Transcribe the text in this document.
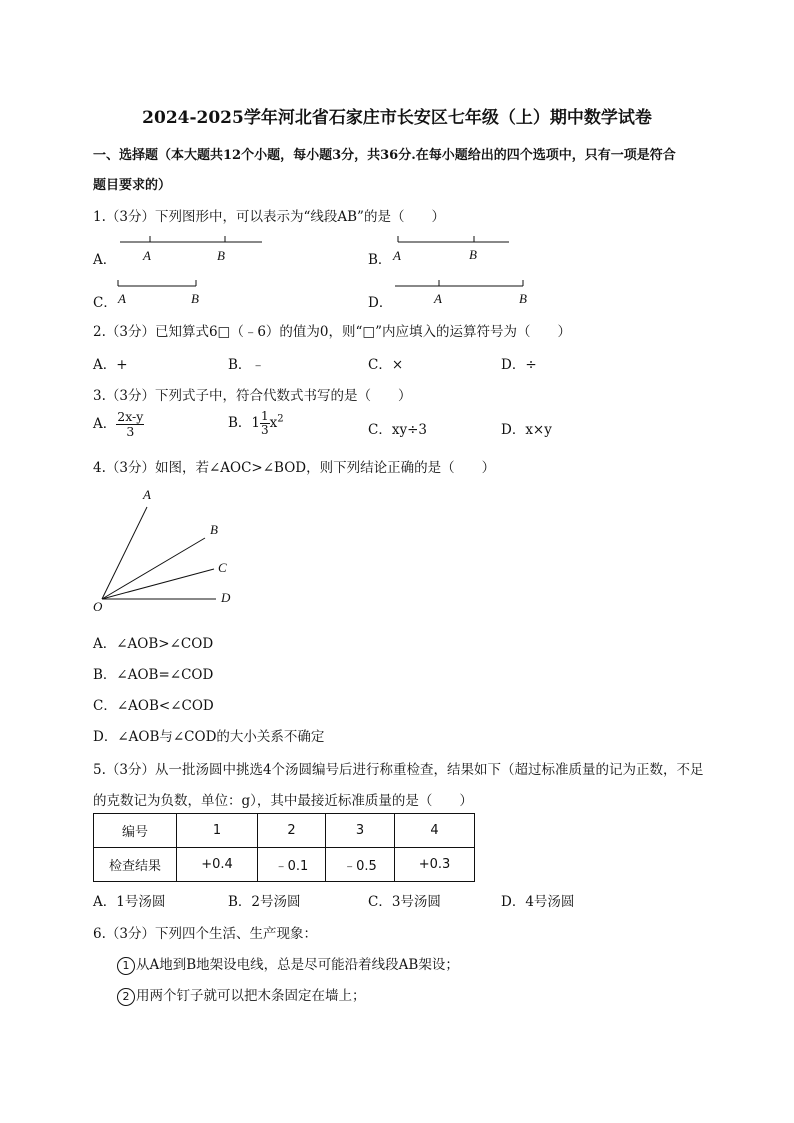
2024-2025学年河北省石家庄市长安区七年级（上）期中数学试卷
一、选择题（本大题共12个小题，每小题3分，共36分.在每小题给出的四个选项中，只有一项是符合
题目要求的）
1.（3分）下列图形中，可以表示为“线段AB”的是（　　）
A．	B．
C．	D．
A	B	A	B
A	B	A	B
2.（3分）已知算式6□（﹣6）的值为0，则“□”内应填入的运算符号为（　　）
A．+	B．﹣	C．×	D．÷
3.（3分）下列式子中，符合代数式书写的是（　　）
A． $\frac{2x-y}{3}$	B．$1 \frac{1}{3} x^2$
C．xy÷3	D．x×y
4.（3分）如图，若∠AOC>∠BOD，则下列结论正确的是（　　）
A
B
C
D
O
A．∠AOB>∠COD
B．∠AOB=∠COD
C．∠AOB<∠COD
D．∠AOB与∠COD的大小关系不确定
5.（3分）从一批汤圆中挑选4个汤圆编号后进行称重检查，结果如下（超过标准质量的记为正数，不足
的克数记为负数，单位：g），其中最接近标准质量的是（　　）
编号	1	2	3	4
检查结果	+0.4	﹣0.1	﹣0.5	+0.3
A．1号汤圆	B．2号汤圆	C．3号汤圆	D．4号汤圆
6.（3分）下列四个生活、生产现象：
1 从A地到B地架设电线，总是尽可能沿着线段AB架设；
2 用两个钉子就可以把木条固定在墙上；
